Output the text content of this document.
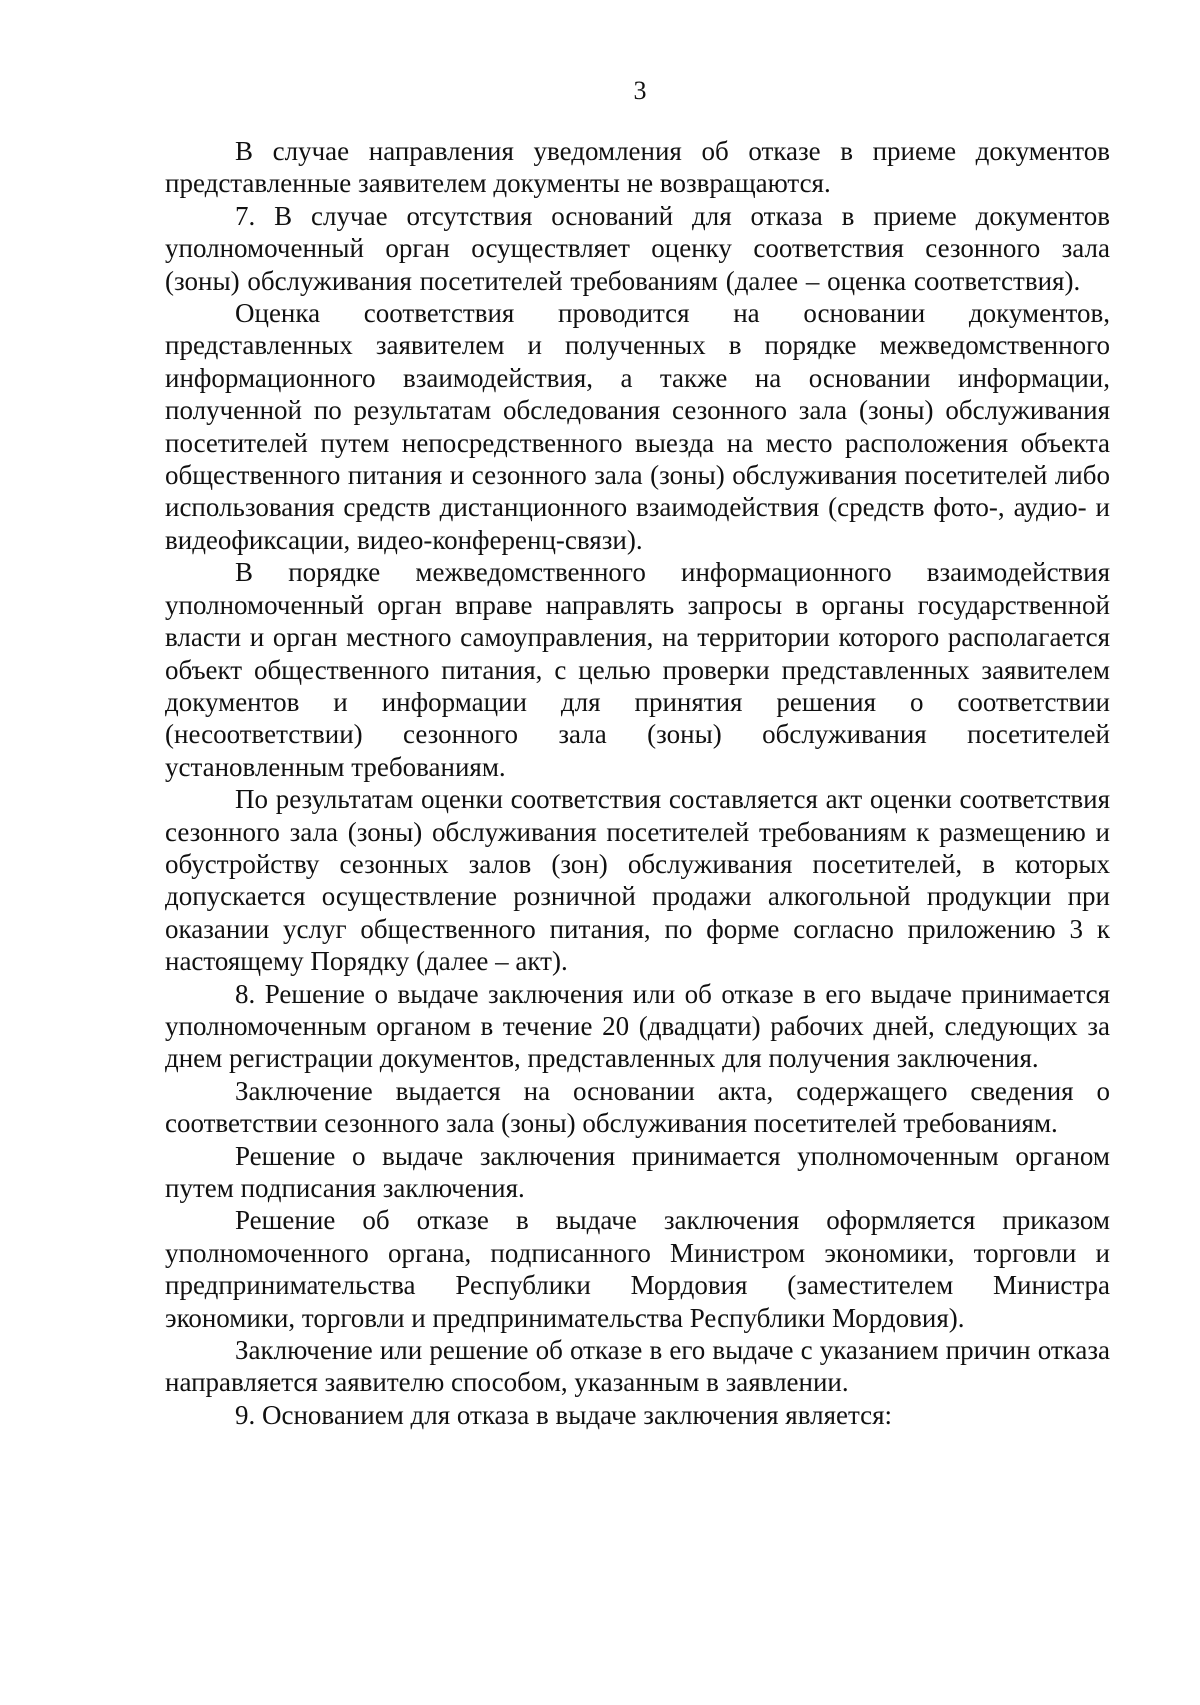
3

В случае направления уведомления об отказе в приеме документов представленные заявителем документы не возвращаются.

7. В случае отсутствия оснований для отказа в приеме документов уполномоченный орган осуществляет оценку соответствия сезонного зала (зоны) обслуживания посетителей требованиям (далее – оценка соответствия).

Оценка соответствия проводится на основании документов, представленных заявителем и полученных в порядке межведомственного информационного взаимодействия, а также на основании информации, полученной по результатам обследования сезонного зала (зоны) обслуживания посетителей путем непосредственного выезда на место расположения объекта общественного питания и сезонного зала (зоны) обслуживания посетителей либо использования средств дистанционного взаимодействия (средств фото-, аудио- и видеофиксации, видео-конференц-связи).

В порядке межведомственного информационного взаимодействия уполномоченный орган вправе направлять запросы в органы государственной власти и орган местного самоуправления, на территории которого располагается объект общественного питания, с целью проверки представленных заявителем документов и информации для принятия решения о соответствии (несоответствии) сезонного зала (зоны) обслуживания посетителей установленным требованиям.

По результатам оценки соответствия составляется акт оценки соответствия сезонного зала (зоны) обслуживания посетителей требованиям к размещению и обустройству сезонных залов (зон) обслуживания посетителей, в которых допускается осуществление розничной продажи алкогольной продукции при оказании услуг общественного питания, по форме согласно приложению 3 к настоящему Порядку (далее – акт).

8. Решение о выдаче заключения или об отказе в его выдаче принимается уполномоченным органом в течение 20 (двадцати) рабочих дней, следующих за днем регистрации документов, представленных для получения заключения.

Заключение выдается на основании акта, содержащего сведения о соответствии сезонного зала (зоны) обслуживания посетителей требованиям.

Решение о выдаче заключения принимается уполномоченным органом путем подписания заключения.

Решение об отказе в выдаче заключения оформляется приказом уполномоченного органа, подписанного Министром экономики, торговли и предпринимательства Республики Мордовия (заместителем Министра экономики, торговли и предпринимательства Республики Мордовия).

Заключение или решение об отказе в его выдаче с указанием причин отказа направляется заявителю способом, указанным в заявлении.

9. Основанием для отказа в выдаче заключения является:
